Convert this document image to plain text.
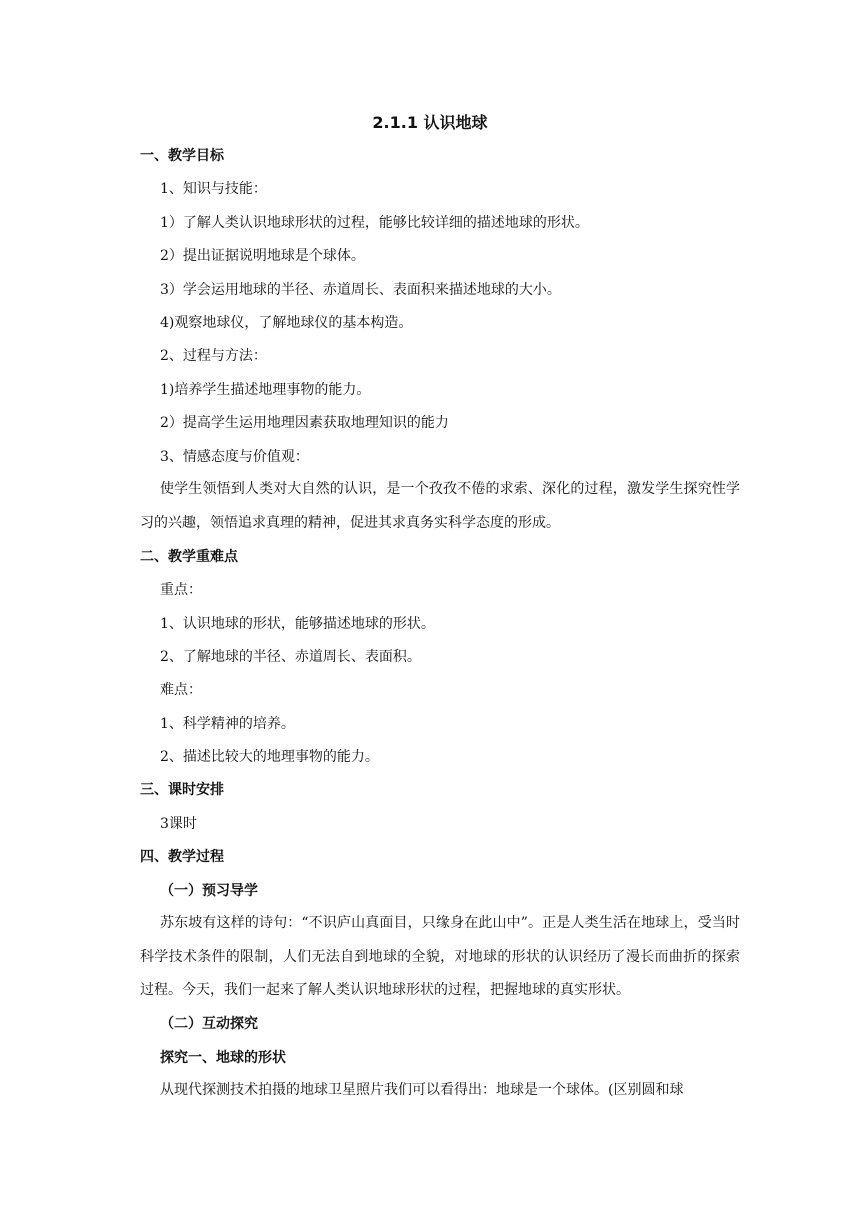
2.1.1 认识地球
一、教学目标
1、知识与技能：
1）了解人类认识地球形状的过程，能够比较详细的描述地球的形状。
2）提出证据说明地球是个球体。
3）学会运用地球的半径、赤道周长、表面积来描述地球的大小。
4)观察地球仪，了解地球仪的基本构造。
2、过程与方法：
1)培养学生描述地理事物的能力。
2）提高学生运用地理因素获取地理知识的能力
3、情感态度与价值观：

使学生领悟到人类对大自然的认识，是一个孜孜不倦的求索、深化的过程，激发学生探究性学习的兴趣，领悟追求真理的精神，促进其求真务实科学态度的形成。

二、教学重难点
重点：
1、认识地球的形状，能够描述地球的形状。
2、了解地球的半径、赤道周长、表面积。
难点：
1、科学精神的培养。
2、描述比较大的地理事物的能力。
三、课时安排
3课时
四、教学过程
（一）预习导学

苏东坡有这样的诗句：“不识庐山真面目，只缘身在此山中”。正是人类生活在地球上，受当时科学技术条件的限制，人们无法自到地球的全貌，对地球的形状的认识经历了漫长而曲折的探索过程。今天，我们一起来了解人类认识地球形状的过程，把握地球的真实形状。

（二）互动探究
探究一、地球的形状

从现代探测技术拍摄的地球卫星照片我们可以看得出：地球是一个球体。(区别圆和球
